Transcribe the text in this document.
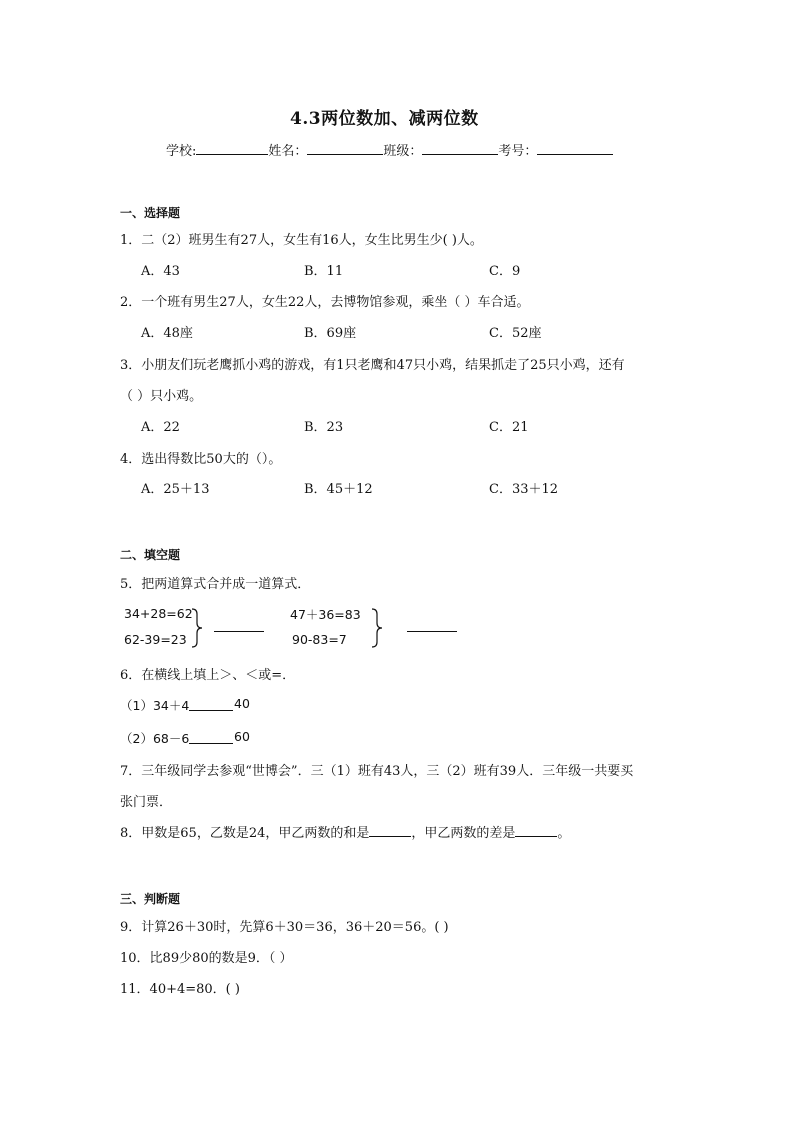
4.3两位数加、减两位数
学校:	姓名：	班级：	考号：
一、选择题
1．二（2）班男生有27人，女生有16人，女生比男生少( )人。
A．43	B．11	C．9
2．一个班有男生27人，女生22人，去博物馆参观，乘坐（ ）车合适。
A．48座	B．69座	C．52座
3．小朋友们玩老鹰抓小鸡的游戏，有1只老鹰和47只小鸡，结果抓走了25只小鸡，还有
（ ）只小鸡。
A．22	B．23	C．21
4．选出得数比50大的（）。
A．25＋13	B．45＋12	C．33＋12
二、填空题
5．把两道算式合并成一道算式．
34+28=62
62-39=23
47＋36=83
90-83=7
6．在横线上填上＞、＜或=．
（1）34＋4	40
（2）68－6	60
7．三年级同学去参观“世博会”．三（1）班有43人，三（2）班有39人．三年级一共要买
张门票．
8．甲数是65，乙数是24，甲乙两数的和是	，甲乙两数的差是	。
三、判断题
9．计算26＋30时，先算6＋30＝36，36＋20＝56。( )
10．比89少80的数是9．（ ）
11．40+4=80．( )
